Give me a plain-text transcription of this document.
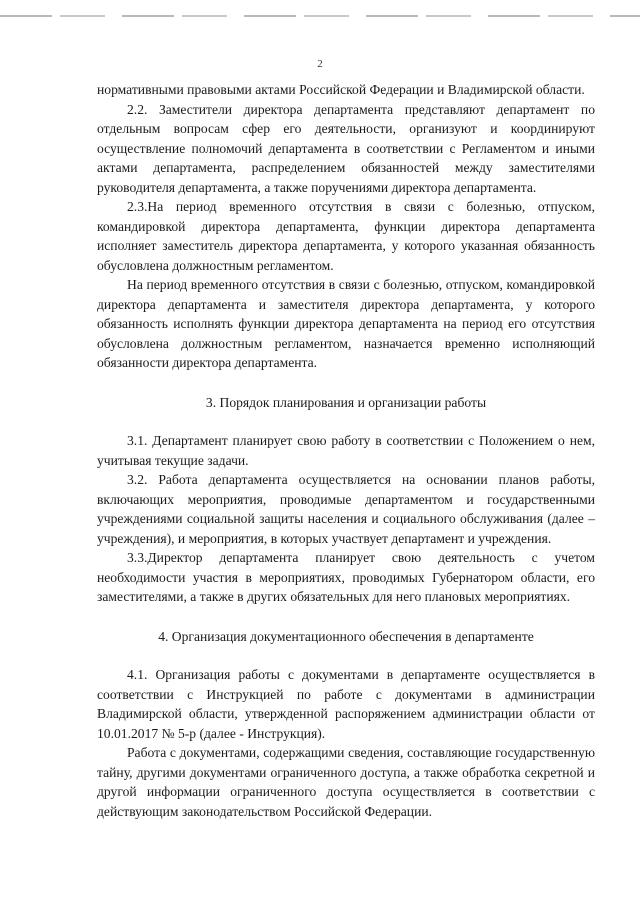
2

нормативными правовыми актами Российской Федерации и Владимирской области.

2.2. Заместители директора департамента представляют департамент по отдельным вопросам сфер его деятельности, организуют и координируют осуществление полномочий департамента в соответствии с Регламентом и иными актами департамента, распределением обязанностей между заместителями руководителя департамента, а также поручениями директора департамента.

2.3.На период временного отсутствия в связи с болезнью, отпуском, командировкой директора департамента, функции директора департамента исполняет заместитель директора департамента, у которого указанная обязанность обусловлена должностным регламентом.

На период временного отсутствия в связи с болезнью, отпуском, командировкой директора департамента и заместителя директора департамента, у которого обязанность исполнять функции директора департамента на период его отсутствия обусловлена должностным регламентом, назначается временно исполняющий обязанности директора департамента.

3. Порядок планирования и организации работы

3.1. Департамент планирует свою работу в соответствии с Положением о нем, учитывая текущие задачи.

3.2. Работа департамента осуществляется на основании планов работы, включающих мероприятия, проводимые департаментом и государственными учреждениями социальной защиты населения и социального обслуживания (далее – учреждения), и мероприятия, в которых участвует департамент и учреждения.

3.3.Директор департамента планирует свою деятельность с учетом необходимости участия в мероприятиях, проводимых Губернатором области, его заместителями, а также в других обязательных для него плановых мероприятиях.

4. Организация документационного обеспечения в департаменте

4.1. Организация работы с документами в департаменте осуществляется в соответствии с Инструкцией по работе с документами в администрации Владимирской области, утвержденной распоряжением администрации области от 10.01.2017 № 5-р (далее - Инструкция).

Работа с документами, содержащими сведения, составляющие государственную тайну, другими документами ограниченного доступа, а также обработка секретной и другой информации ограниченного доступа осуществляется в соответствии с действующим законодательством Российской Федерации.
